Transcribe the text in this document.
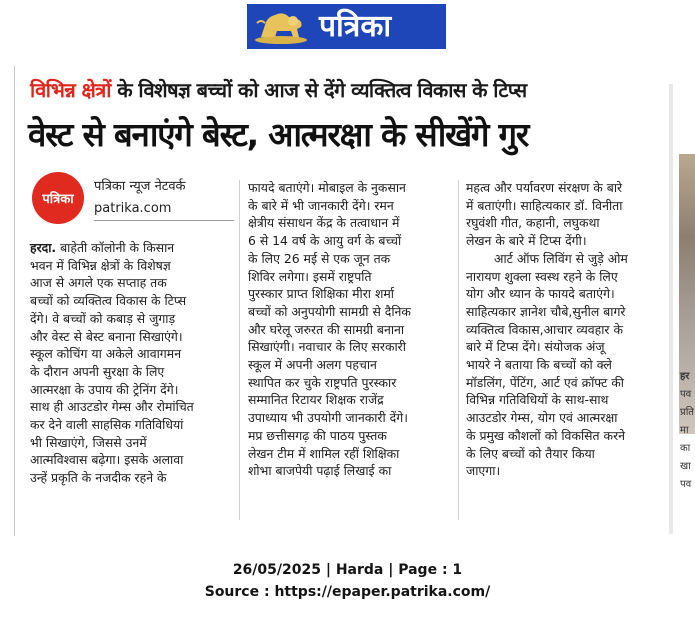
पत्रिका
हर
पव
प्रति
मा
का
खा
पव
विभिन्न क्षेत्रों के विशेषज्ञ बच्चों को आज से देंगे व्यक्तित्व विकास के टिप्स
वेस्ट से बनाएंगे बेस्ट, आत्मरक्षा के सीखेंगे गुर
पत्रिका
पत्रिका न्यूज नेटवर्क
patrika.com
हरदा. बाहेती कॉलोनी के किसान
भवन में विभिन्न क्षेत्रों के विशेषज्ञ
आज से अगले एक सप्ताह तक
बच्चों को व्यक्तित्व विकास के टिप्स
देंगे। वे बच्चों को कबाड़ से जुगाड़
और वेस्ट से बेस्ट बनाना सिखाएंगे।
स्कूल कोचिंग या अकेले आवागमन
के दौरान अपनी सुरक्षा के लिए
आत्मरक्षा के उपाय की ट्रेनिंग देंगे।
साथ ही आउटडोर गेम्स और रोमांचित
कर देने वाली साहसिक गतिविधियां
भी सिखाएंगे, जिससे उनमें
आत्मविश्वास बढ़ेगा। इसके अलावा
उन्हें प्रकृति के नजदीक रहने के
फायदे बताएंगे। मोबाइल के नुकसान
के बारे में भी जानकारी देंगे। रमन
क्षेत्रीय संसाधन केंद्र के तत्वाधान में
6 से 14 वर्ष के आयु वर्ग के बच्चों
के लिए 26 मई से एक जून तक
शिविर लगेगा। इसमें राष्ट्रपति
पुरस्कार प्राप्त शिक्षिका मीरा शर्मा
बच्चों को अनुपयोगी सामग्री से दैनिक
और घरेलू जरुरत की सामग्री बनाना
सिखाएंगी। नवाचार के लिए सरकारी
स्कूल में अपनी अलग पहचान
स्थापित कर चुके राष्ट्रपति पुरस्कार
सम्मानित रिटायर शिक्षक राजेंद्र
उपाध्याय भी उपयोगी जानकारी देंगे।
मप्र छत्तीसगढ़ की पाठय पुस्तक
लेखन टीम में शामिल रहीं शिक्षिका
शोभा बाजपेयी पढ़ाई लिखाई का
महत्व और पर्यावरण संरक्षण के बारे
में बताएंगी। साहित्यकार डॉ. विनीता
रघुवंशी गीत, कहानी, लघुकथा
लेखन के बारे में टिप्स देंगी।
आर्ट ऑफ लिविंग से जुड़े ओम
नारायण शुक्ला स्वस्थ रहने के लिए
योग और ध्यान के फायदे बताएंगे।
साहित्यकार ज्ञानेश चौबे,सुनील बागरे
व्यक्तित्व विकास,आचार व्यवहार के
बारे में टिप्स देंगे। संयोजक अंजू
भायरे ने बताया कि बच्चों को क्ले
मॉडलिंग, पेंटिंग, आर्ट एवं क्रॉफ्ट की
विभिन्न गतिविधियों के साथ-साथ
आउटडोर गेम्स, योग एवं आत्मरक्षा
के प्रमुख कौशलों को विकसित करने
के लिए बच्चों को तैयार किया
जाएगा।
26/05/2025 | Harda | Page : 1
Source : https://epaper.patrika.com/
